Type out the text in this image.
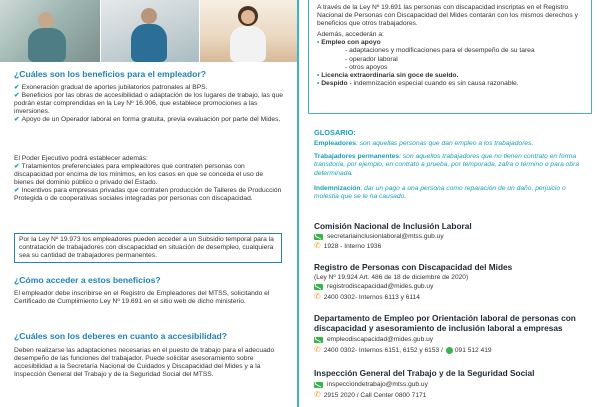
¿Cuáles son los beneficios para el empleador?
✔ Exoneración gradual de aportes jubilatorios patronales al BPS.
✔ Beneficios por las obras de accesibilidad o adaptación de los lugares de trabajo, las que podrán estar comprendidas en la Ley Nº 16.906, que establece promociones a las inversiones.
✔ Apoyo de un Operador laboral en forma gratuita, previa evaluación por parte del Mides.
El Poder Ejecutivo podrá establecer además:
✔ Tratamientos preferenciales para empleadores que contraten personas con discapacidad por encima de los mínimos, en los casos en que se conceda el uso de bienes del dominio público o privado del Estado.
✔ Incentivos para empresas privadas que contraten producción de Talleres de Producción Protegida o de cooperativas sociales integradas por personas con discapacidad.
Por la Ley Nº 19.973 los empleadores pueden acceder a un Subsidio temporal para la contratación de trabajadores con discapacidad en situación de desempleo, cualquiera sea su cantidad de trabajadores permanentes.
¿Cómo acceder a estos beneficios?
El empleador debe inscribirse en el Registro de Empleadores del MTSS, solicitando el Certificado de Cumplimiento Ley Nº 19.691 en el sitio web de dicho ministerio.
¿Cuáles son los deberes en cuanto a accesibilidad?
Deben realizarse las adaptaciones necesarias en el puesto de trabajo para el adecuado desempeño de las funciones del trabajador. Puede solicitar asesoramiento sobre accesibilidad a la Secretaría Nacional de Cuidados y Discapacidad del Mides y a la Inspección General del Trabajo y de la Seguridad Social del MTSS.
A través de la Ley Nº 19.691 las personas con discapacidad inscriptas en el Registro Nacional de Personas con Discapacidad del Mides contarán con los mismos derechos y beneficios que otros trabajadores.
Además, accederán a:
• Empleo con apoyo
- adaptaciones y modificaciones para el desempeño de su tarea
- operador laboral
- otros apoyos
• Licencia extraordinaria sin goce de sueldo.
• Despido - indemnización especial cuando es sin causa razonable.
GLOSARIO:
Empleadores: son aquellas personas que dan empleo a los trabajadores.
Trabajadores permanentes: son aquellos trabajadores que no tienen contrato en forma transitoria, por ejemplo, en contrato a prueba, por temporada, zafra o término o para obra determinada.
Indemnización: dar un pago a una persona como reparación de un daño, perjuicio o molestia que se le ha causado.
Comisión Nacional de Inclusión Laboral
secretariainclusionlaboral@mtss.gub.uy
✆ 1928 - Interno 1936
Registro de Personas con Discapacidad del Mides
(Ley Nº 19.924 Art. 486 de 18 de diciembre de 2020)
registrodiscapacidad@mides.gub.uy
✆ 2400 0302- Internos 6113 y 6114
Departamento de Empleo por Orientación laboral de personas con discapacidad y asesoramiento de inclusión laboral a empresas
empleodiscapacidad@mides.gub.uy
✆ 2400 0302- Internos 6151, 6152 y 6153 / 091 512 419
Inspección General del Trabajo y de la Seguridad Social
inspecciondetrabajo@mtss.gub.uy
✆ 2915 2020 / Call Center 0800 7171
